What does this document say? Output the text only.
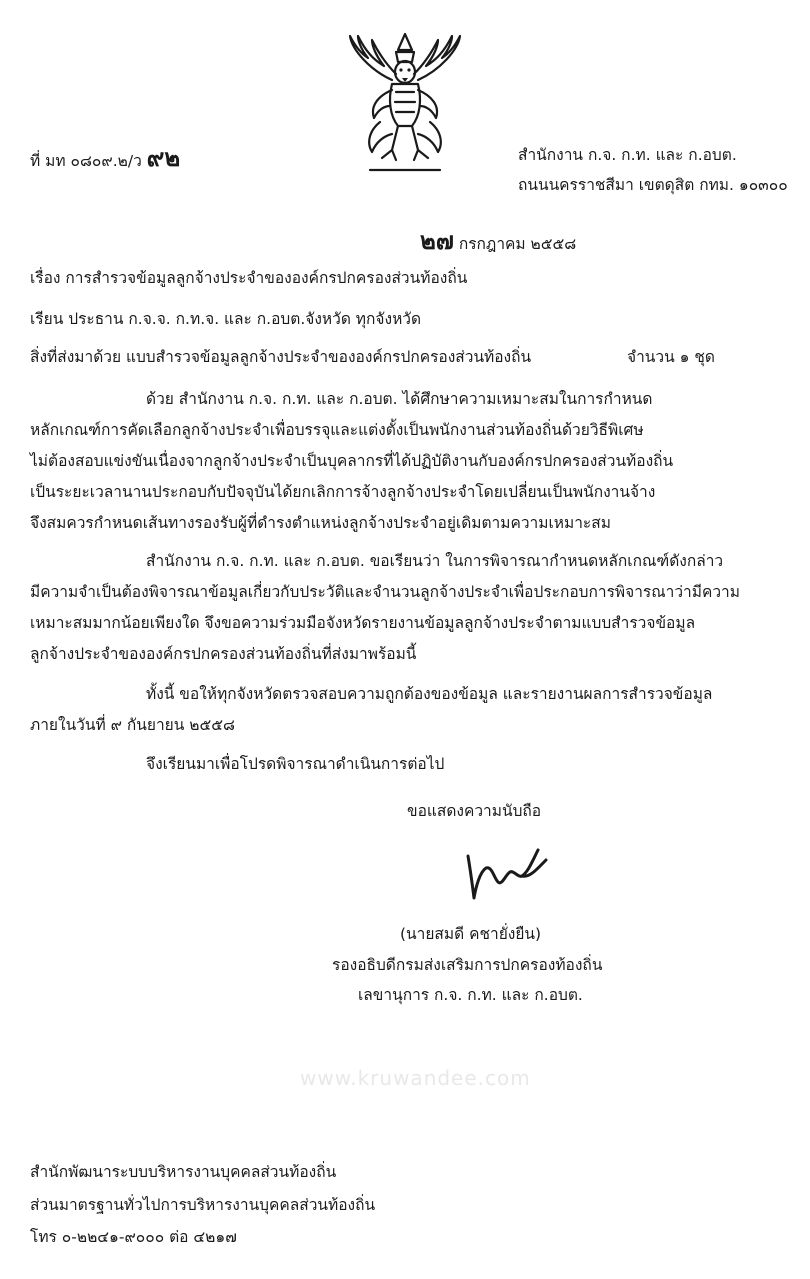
ที่ มท ๐๘๐๙.๒/ว ๙๒	สำนักงาน ก.จ. ก.ท. และ ก.อบต.
ถนนนครราชสีมา เขตดุสิต กทม. ๑๐๓๐๐
๒๗ กรกฎาคม ๒๕๕๘
เรื่อง การสำรวจข้อมูลลูกจ้างประจำขององค์กรปกครองส่วนท้องถิ่น
เรียน ประธาน ก.จ.จ. ก.ท.จ. และ ก.อบต.จังหวัด ทุกจังหวัด
สิ่งที่ส่งมาด้วย แบบสำรวจข้อมูลลูกจ้างประจำขององค์กรปกครองส่วนท้องถิ่น	จำนวน ๑ ชุด
ด้วย สำนักงาน ก.จ. ก.ท. และ ก.อบต. ได้ศึกษาความเหมาะสมในการกำหนด
หลักเกณฑ์การคัดเลือกลูกจ้างประจำเพื่อบรรจุและแต่งตั้งเป็นพนักงานส่วนท้องถิ่นด้วยวิธีพิเศษ
ไม่ต้องสอบแข่งขันเนื่องจากลูกจ้างประจำเป็นบุคลากรที่ได้ปฏิบัติงานกับองค์กรปกครองส่วนท้องถิ่น
เป็นระยะเวลานานประกอบกับปัจจุบันได้ยกเลิกการจ้างลูกจ้างประจำโดยเปลี่ยนเป็นพนักงานจ้าง
จึงสมควรกำหนดเส้นทางรองรับผู้ที่ดำรงตำแหน่งลูกจ้างประจำอยู่เดิมตามความเหมาะสม
สำนักงาน ก.จ. ก.ท. และ ก.อบต. ขอเรียนว่า ในการพิจารณากำหนดหลักเกณฑ์ดังกล่าว
มีความจำเป็นต้องพิจารณาข้อมูลเกี่ยวกับประวัติและจำนวนลูกจ้างประจำเพื่อประกอบการพิจารณาว่ามีความ
เหมาะสมมากน้อยเพียงใด จึงขอความร่วมมือจังหวัดรายงานข้อมูลลูกจ้างประจำตามแบบสำรวจข้อมูล
ลูกจ้างประจำขององค์กรปกครองส่วนท้องถิ่นที่ส่งมาพร้อมนี้
ทั้งนี้ ขอให้ทุกจังหวัดตรวจสอบความถูกต้องของข้อมูล และรายงานผลการสำรวจข้อมูล
ภายในวันที่ ๙ กันยายน ๒๕๕๘
จึงเรียนมาเพื่อโปรดพิจารณาดำเนินการต่อไป
ขอแสดงความนับถือ
(นายสมดี คชายั่งยืน)
รองอธิบดีกรมส่งเสริมการปกครองท้องถิ่น
เลขานุการ ก.จ. ก.ท. และ ก.อบต.
www.kruwandee.com
สำนักพัฒนาระบบบริหารงานบุคคลส่วนท้องถิ่น
ส่วนมาตรฐานทั่วไปการบริหารงานบุคคลส่วนท้องถิ่น
โทร ๐-๒๒๔๑-๙๐๐๐ ต่อ ๔๒๑๗
